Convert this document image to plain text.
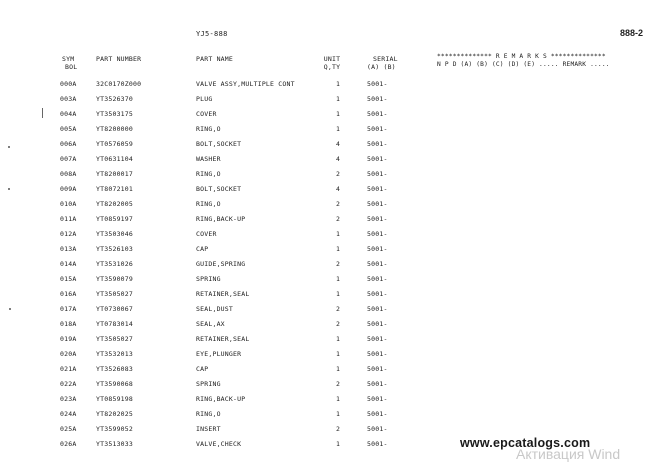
YJ5-888	888-2
SYM
BOL
PART NUMBER	PART NAME	UNIT
Q,TY
SERIAL
(A) (B)
************** R E M A R K S **************
N P D (A) (B) (C) (D) (E) ..... REMARK .....
000A	32C0170Z000	VALVE ASSY,MULTIPLE CONT	1	5001-
003A	YT3526370	PLUG	1	5001-
004A	YT3503175	COVER	1	5001-
005A	YT8200000	RING,O	1	5001-
006A	YT0576059	BOLT,SOCKET	4	5001-
007A	YT0631104	WASHER	4	5001-
008A	YT8200017	RING,O	2	5001-
009A	YT8072101	BOLT,SOCKET	4	5001-
010A	YT8202005	RING,O	2	5001-
011A	YT0859197	RING,BACK-UP	2	5001-
012A	YT3503046	COVER	1	5001-
013A	YT3526103	CAP	1	5001-
014A	YT3531026	GUIDE,SPRING	2	5001-
015A	YT3590079	SPRING	1	5001-
016A	YT3505027	RETAINER,SEAL	1	5001-
017A	YT0730067	SEAL,DUST	2	5001-
018A	YT0783014	SEAL,AX	2	5001-
019A	YT3505027	RETAINER,SEAL	1	5001-
020A	YT3532013	EYE,PLUNGER	1	5001-
021A	YT3526083	CAP	1	5001-
022A	YT3590068	SPRING	2	5001-
023A	YT0859198	RING,BACK-UP	1	5001-
024A	YT8202025	RING,O	1	5001-
025A	YT3599052	INSERT	2	5001-
026A	YT3513033	VALVE,CHECK	1	5001-	www.epcatalogs.com
Активация Wind
